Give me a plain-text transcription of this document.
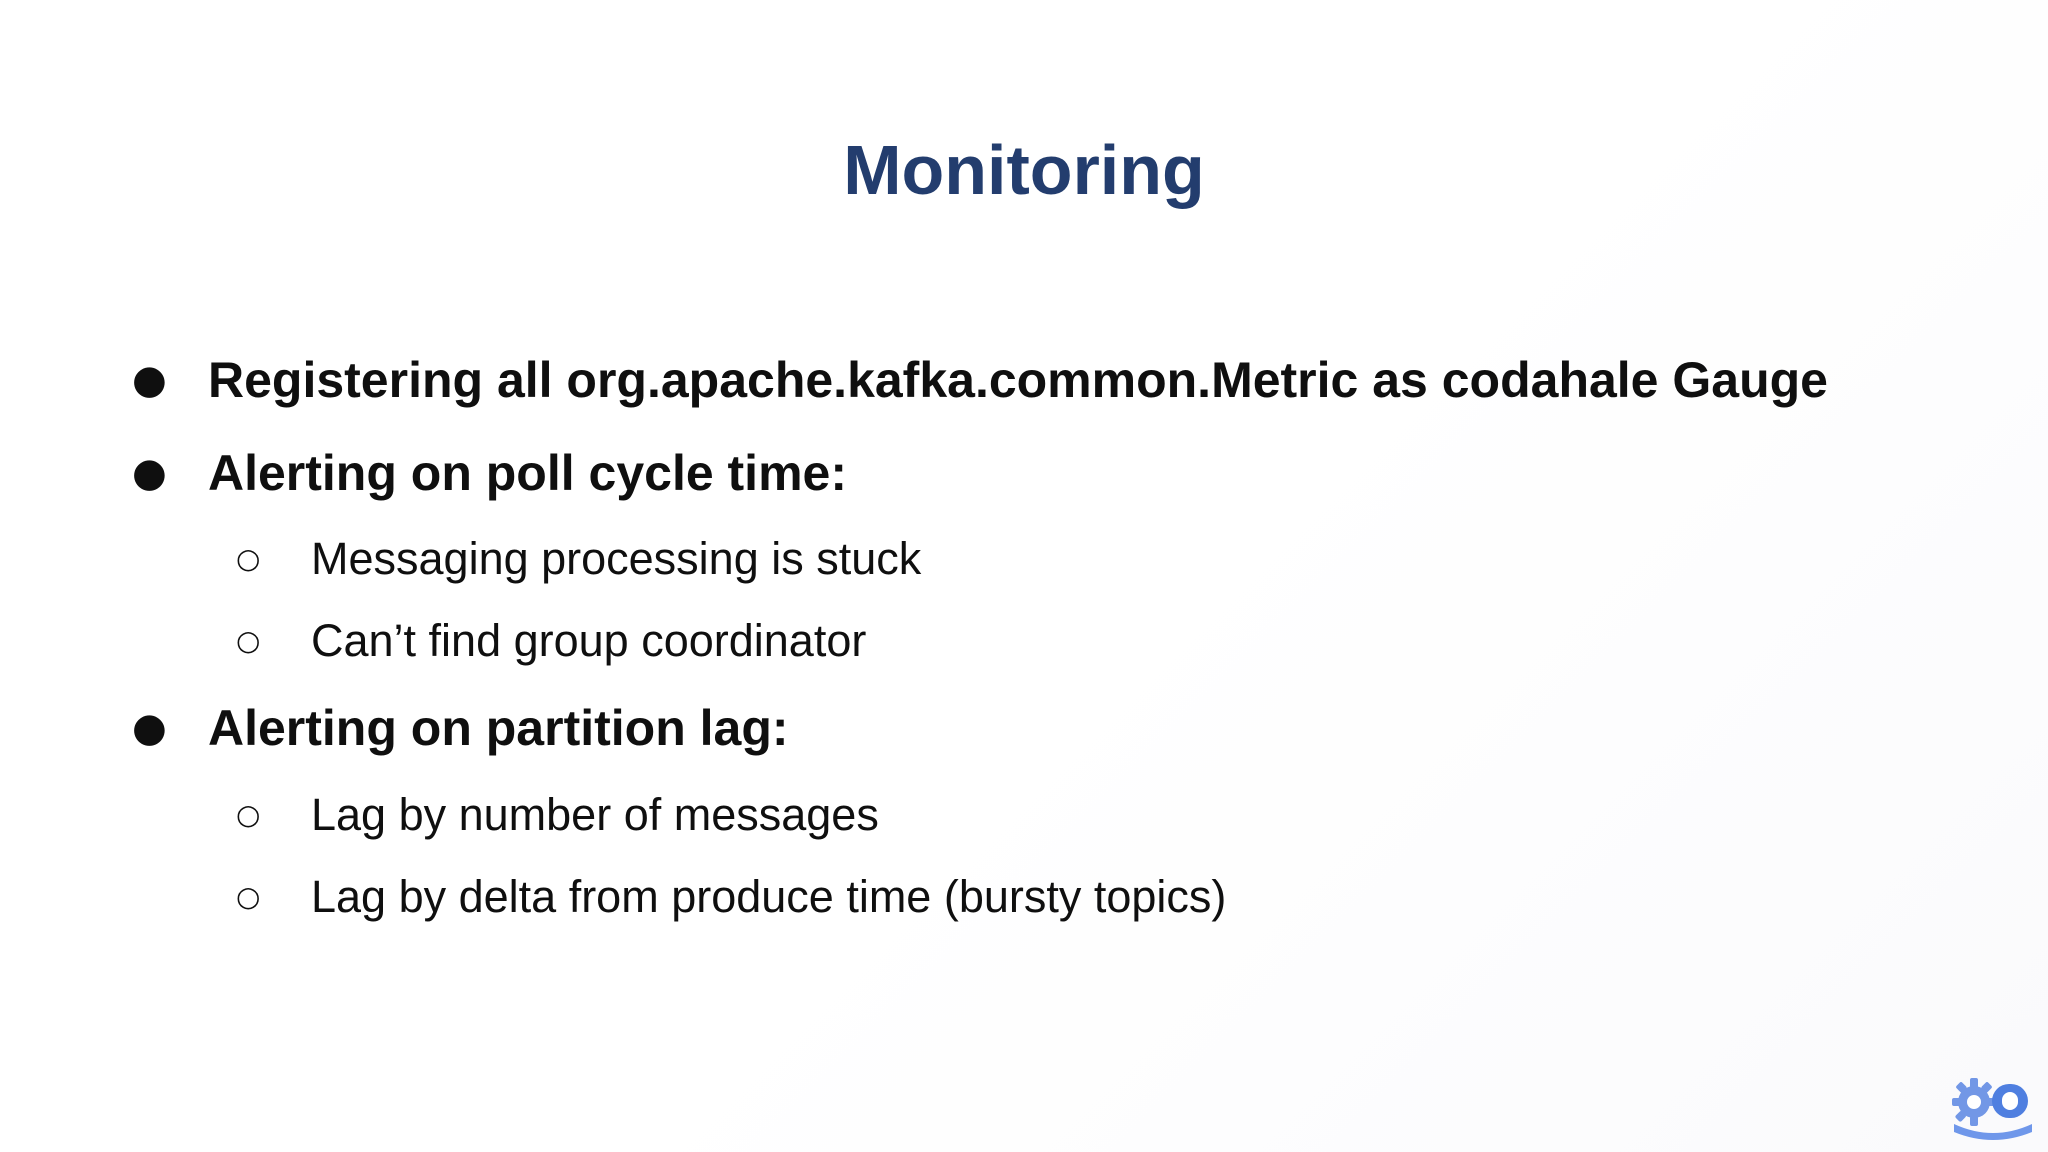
Monitoring
● Registering all org.apache.kafka.common.Metric as codahale Gauge
● Alerting on poll cycle time:
○ Messaging processing is stuck
○ Can’t find group coordinator
● Alerting on partition lag:
○ Lag by number of messages
○ Lag by delta from produce time (bursty topics)
